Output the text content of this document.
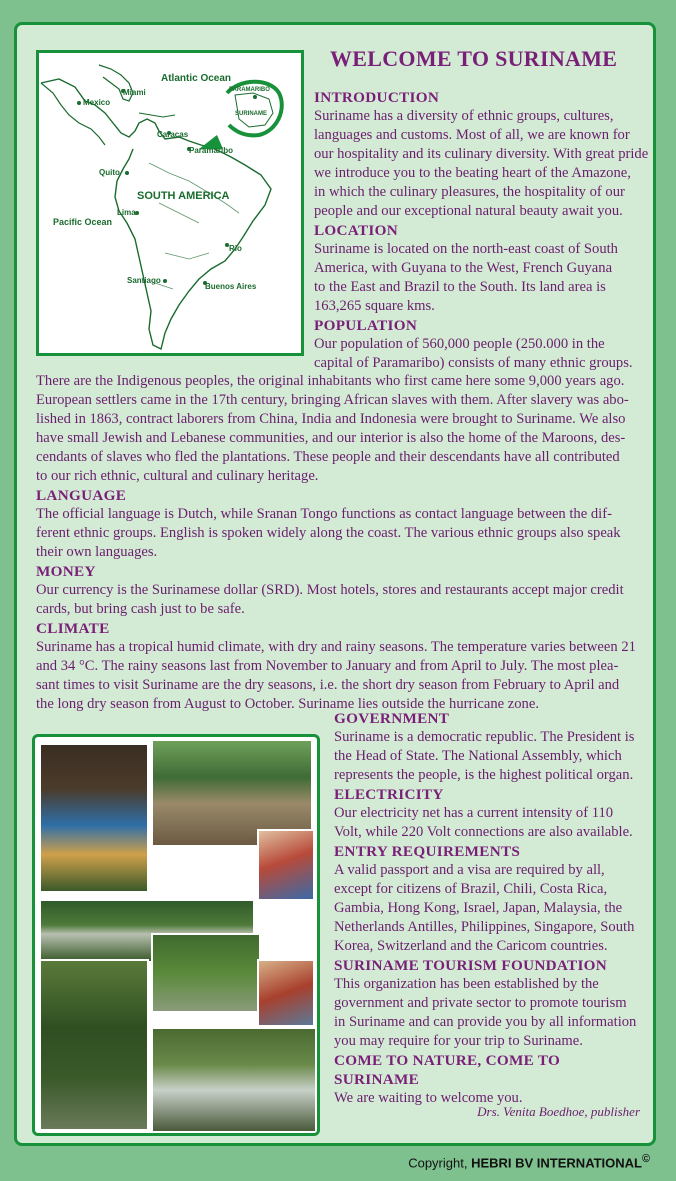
Atlantic Ocean
Miami
Mexico
Caracas
Paramaribo
PARAMARIBO
SURINAME
Quito
SOUTH AMERICA
Pacific Ocean
Lima
Rio
Santiago
Buenos Aires
WELCOME TO SURINAME
INTRODUCTION
Suriname has a diversity of ethnic groups, cultures,
languages and customs. Most of all, we are known for
our hospitality and its culinary diversity. With great pride
we introduce you to the beating heart of the Amazone,
in which the culinary pleasures, the hospitality of our
people and our exceptional natural beauty await you.
LOCATION
Suriname is located on the north-east coast of South
America, with Guyana to the West, French Guyana
to the East and Brazil to the South. Its land area is
163,265 square kms.
POPULATION
Our population of 560,000 people (250.000 in the
capital of Paramaribo) consists of many ethnic groups.
There are the Indigenous peoples, the original inhabitants who first came here some 9,000 years ago.
European settlers came in the 17th century, bringing African slaves with them. After slavery was abo-
lished in 1863, contract laborers from China, India and Indonesia were brought to Suriname. We also
have small Jewish and Lebanese communities, and our interior is also the home of the Maroons, des-
cendants of slaves who fled the plantations. These people and their descendants have all contributed
to our rich ethnic, cultural and culinary heritage.
LANGUAGE
The official language is Dutch, while Sranan Tongo functions as contact language between the dif-
ferent ethnic groups. English is spoken widely along the coast. The various ethnic groups also speak
their own languages.
MONEY
Our currency is the Surinamese dollar (SRD). Most hotels, stores and restaurants accept major credit
cards, but bring cash just to be safe.
CLIMATE
Suriname has a tropical humid climate, with dry and rainy seasons. The temperature varies between 21
and 34 °C. The rainy seasons last from November to January and from April to July. The most plea-
sant times to visit Suriname are the dry seasons, i.e. the short dry season from February to April and
the long dry season from August to October. Suriname lies outside the hurricane zone.
GOVERNMENT
Suriname is a democratic republic. The President is
the Head of State. The National Assembly, which
represents the people, is the highest political organ.
ELECTRICITY
Our electricity net has a current intensity of 110
Volt, while 220 Volt connections are also available.
ENTRY REQUIREMENTS
A valid passport and a visa are required by all,
except for citizens of Brazil, Chili, Costa Rica,
Gambia, Hong Kong, Israel, Japan, Malaysia, the
Netherlands Antilles, Philippines, Singapore, South
Korea, Switzerland and the Caricom countries.
SURINAME TOURISM FOUNDATION
This organization has been established by the
government and private sector to promote tourism
in Suriname and can provide you by all information
you may require for your trip to Suriname.
COME TO NATURE, COME TO
SURINAME
We are waiting to welcome you.
Drs. Venita Boedhoe, publisher
Copyright, HEBRI BV INTERNATIONAL©
